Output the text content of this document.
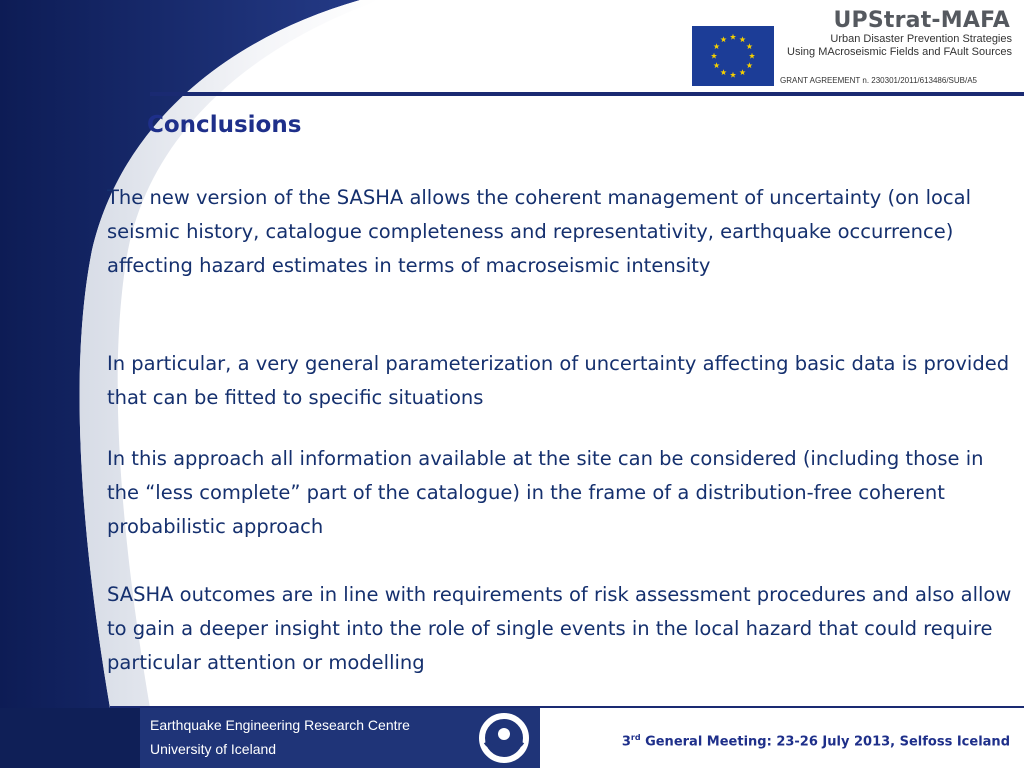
UPStrat-MAFA
Urban Disaster Prevention Strategies
Using MAcroseismic Fields and FAult Sources
GRANT AGREEMENT n. 230301/2011/613486/SUB/A5
Conclusions

The new version of the SASHA allows the coherent management of uncertainty (on local seismic history, catalogue completeness and representativity, earthquake occurrence) affecting hazard estimates in terms of macroseismic intensity

In particular, a very general parameterization of uncertainty affecting basic data is provided that can be fitted to specific situations

In this approach all information available at the site can be considered (including those in the “less complete” part of the catalogue) in the frame of a distribution-free coherent probabilistic approach

SASHA outcomes are in line with requirements of risk assessment procedures and also allow to gain a deeper insight into the role of single events in the local hazard that could require particular attention or modelling

Earthquake Engineering Research Centre
University of Iceland	3rd General Meeting: 23-26 July 2013, Selfoss Iceland
